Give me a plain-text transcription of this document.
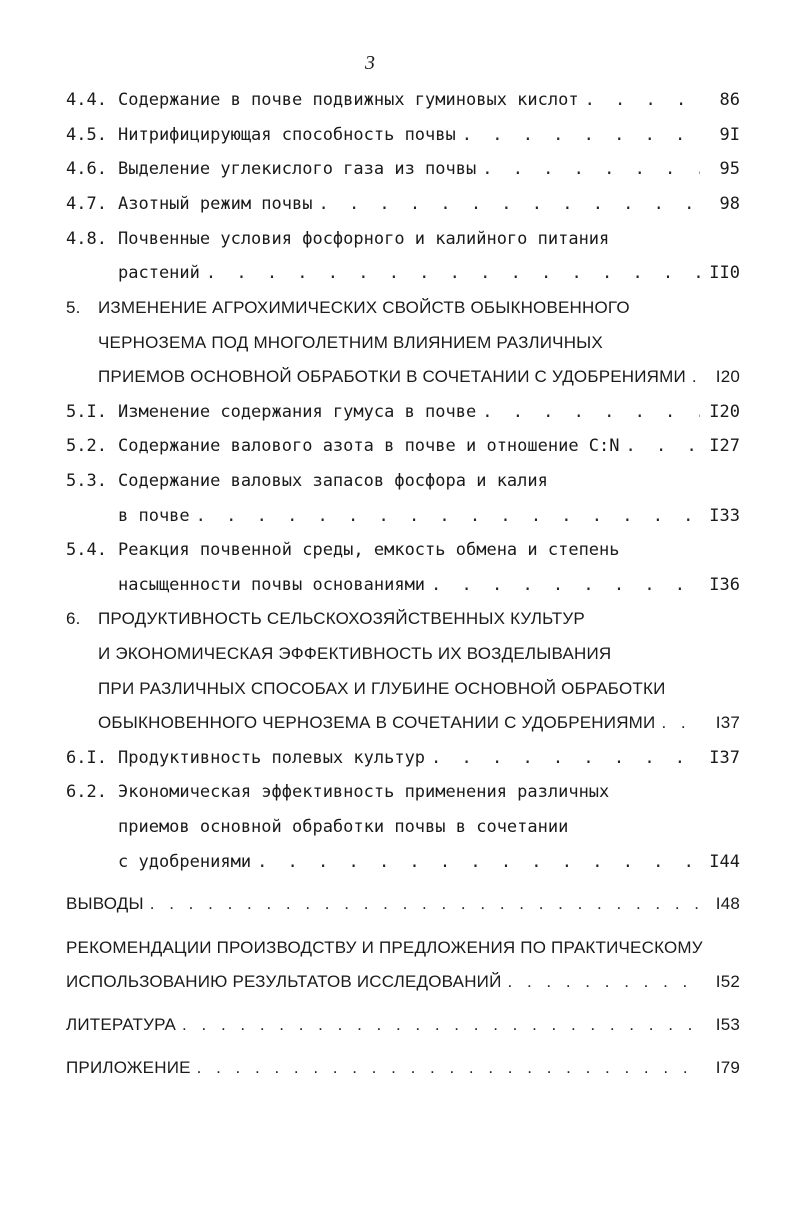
3
4.4. Содержание в почве подвижных гуминовых кислот . . .	86
4.5. Нитрифицирующая способность почвы . . .	9I
4.6. Выделение углекислого газа из почвы . . .	95
4.7. Азотный режим почвы . . .	98
4.8. Почвенные условия фосфорного и калийного питания
растений . . .	II0
5. ИЗМЕНЕНИЕ АГРОХИМИЧЕСКИХ СВОЙСТВ ОБЫКНОВЕННОГО
ЧЕРНОЗЕМА ПОД МНОГОЛЕТНИМ ВЛИЯНИЕМ РАЗЛИЧНЫХ
ПРИЕМОВ ОСНОВНОЙ ОБРАБОТКИ В СОЧЕТАНИИ С УДОБРЕНИЯМИ . . .	I20
5.I. Изменение содержания гумуса в почве . . .	I20
5.2. Содержание валового азота в почве и отношение С:N . . .	I27
5.3. Содержание валовых запасов фосфора и калия
в почве . . .	I33
5.4. Реакция почвенной среды, емкость обмена и степень
насыщенности почвы основаниями . . .	I36
6. ПРОДУКТИВНОСТЬ СЕЛЬСКОХОЗЯЙСТВЕННЫХ КУЛЬТУР
И ЭКОНОМИЧЕСКАЯ ЭФФЕКТИВНОСТЬ ИХ ВОЗДЕЛЫВАНИЯ
ПРИ РАЗЛИЧНЫХ СПОСОБАХ И ГЛУБИНЕ ОСНОВНОЙ ОБРАБОТКИ
ОБЫКНОВЕННОГО ЧЕРНОЗЕМА В СОЧЕТАНИИ С УДОБРЕНИЯМИ . . .	I37
6.I. Продуктивность полевых культур . . .	I37
6.2. Экономическая эффективность применения различных
приемов основной обработки почвы в сочетании
с удобрениями . . .	I44
ВЫВОДЫ . . .	I48
РЕКОМЕНДАЦИИ ПРОИЗВОДСТВУ И ПРЕДЛОЖЕНИЯ ПО ПРАКТИЧЕСКОМУ
ИСПОЛЬЗОВАНИЮ РЕЗУЛЬТАТОВ ИССЛЕДОВАНИЙ . . .	I52
ЛИТЕРАТУРА . . .	I53
ПРИЛОЖЕНИЕ . . .	I79
